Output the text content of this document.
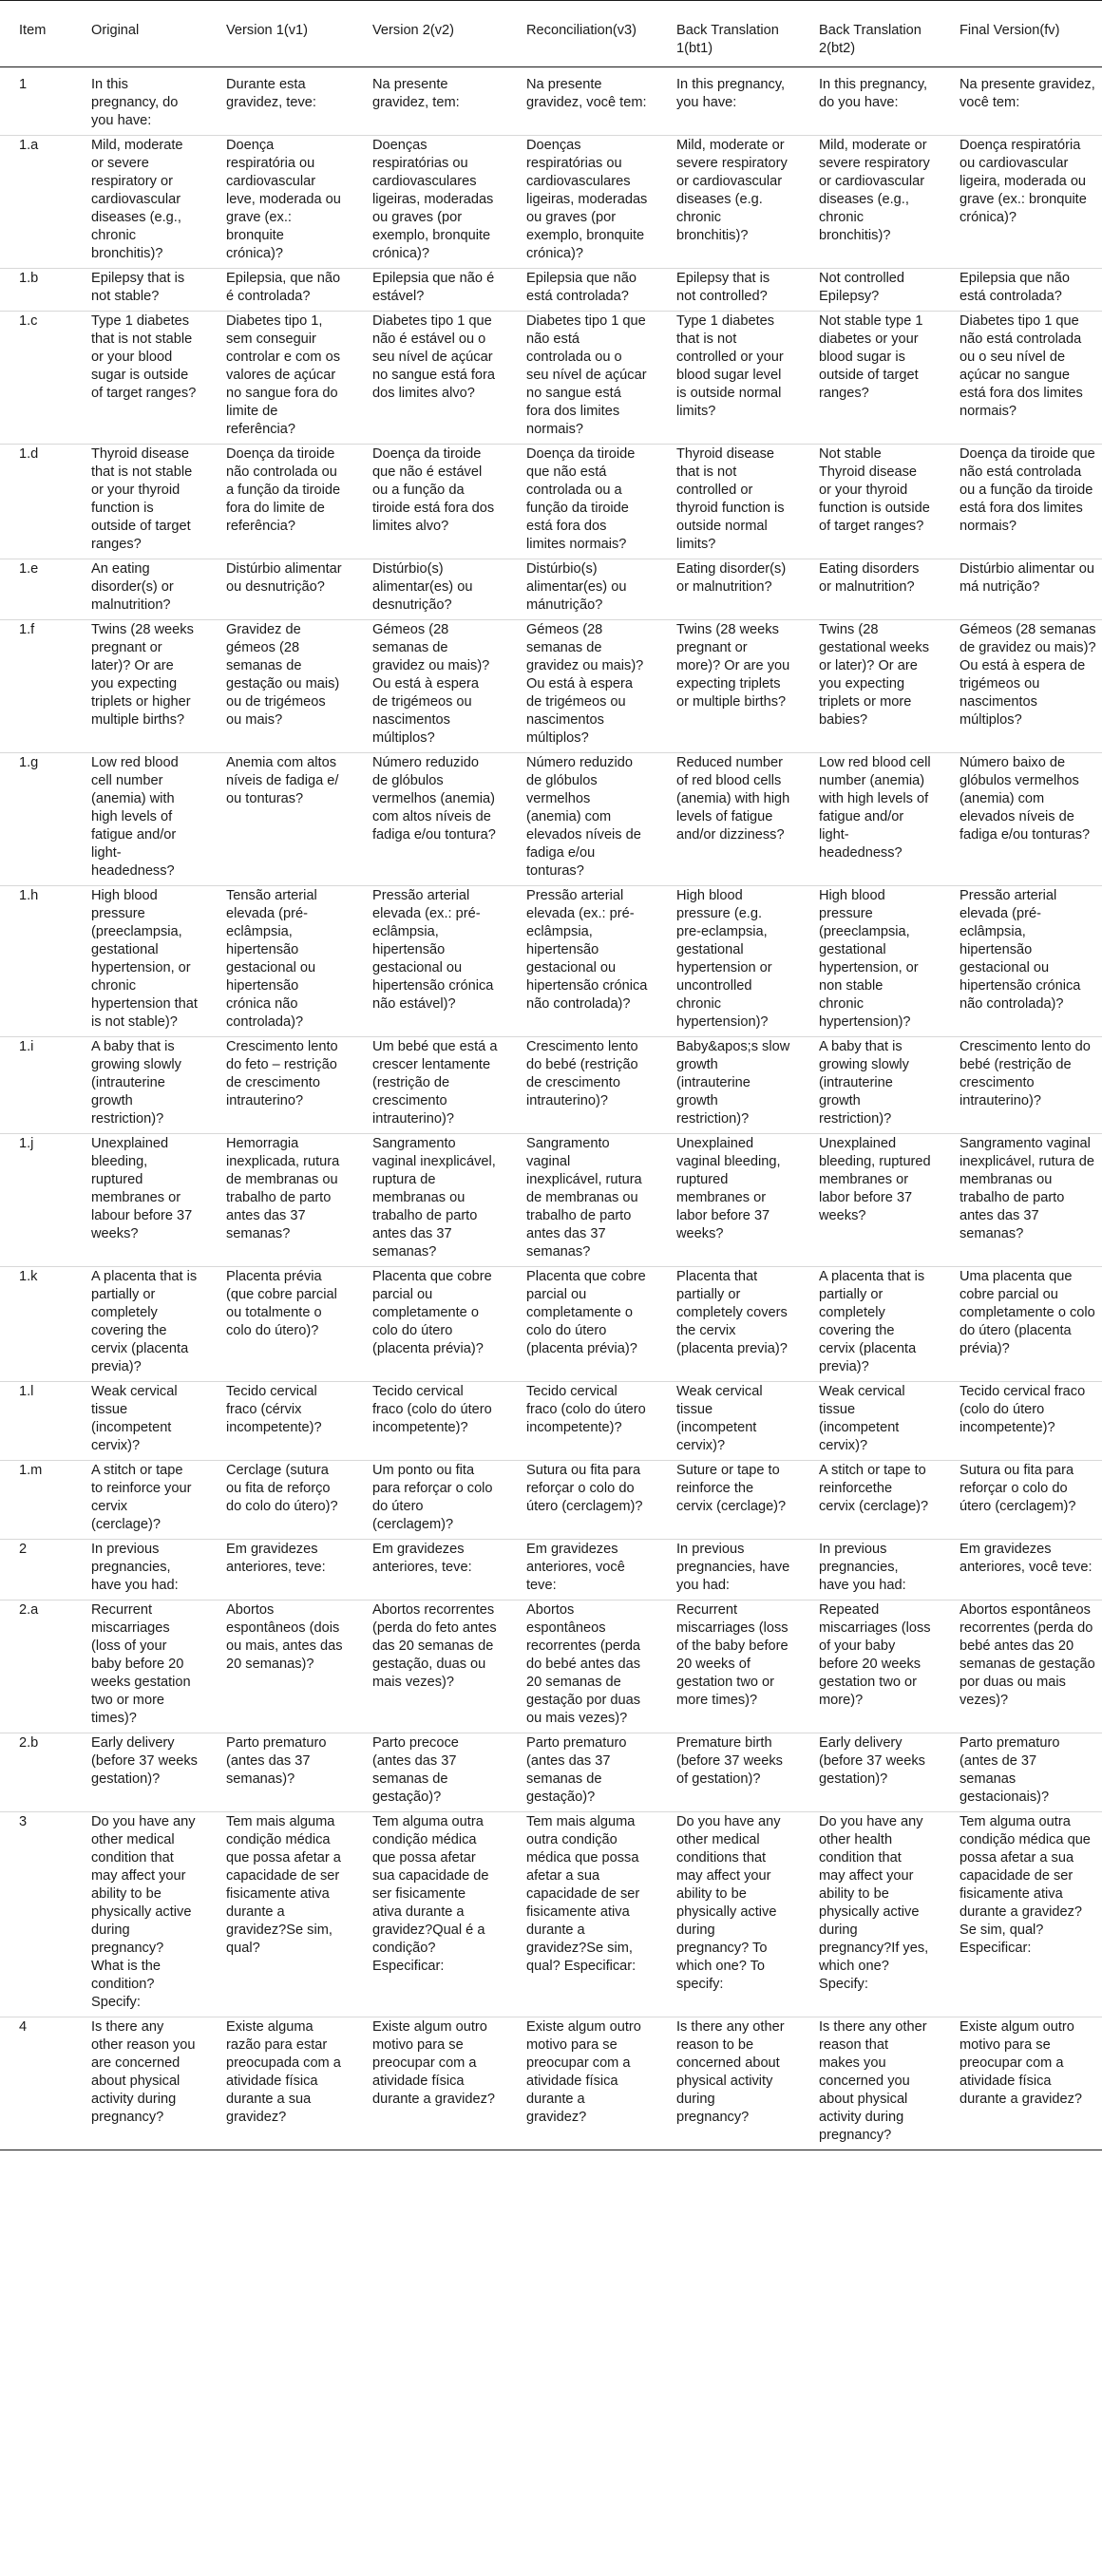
Item	Original	Version 1(v1)	Version 2(v2)	Reconciliation(v3)	Back Translation 1(bt1)	Back Translation 2(bt2)	Final Version(fv)
1	In this pregnancy, do you have:	Durante esta gravidez, teve:	Na presente gravidez, tem:	Na presente gravidez, você tem:	In this pregnancy, you have:	In this pregnancy, do you have:	Na presente gravidez, você tem:
1.a	Mild, moderate or severe respiratory or cardiovascular diseases (e.g., chronic bronchitis)?	Doença respiratória ou cardiovascular leve, moderada ou grave (ex.: bronquite crónica)?	Doenças respiratórias ou cardiovasculares ligeiras, moderadas ou graves (por exemplo, bronquite crónica)?	Doenças respiratórias ou cardiovasculares ligeiras, moderadas ou graves (por exemplo, bronquite crónica)?	Mild, moderate or severe respiratory or cardiovascular diseases (e.g. chronic bronchitis)?	Mild, moderate or severe respiratory or cardiovascular diseases (e.g., chronic bronchitis)?	Doença respiratória ou cardiovascular ligeira, moderada ou grave (ex.: bronquite crónica)?
1.b	Epilepsy that is not stable?	Epilepsia, que não é controlada?	Epilepsia que não é estável?	Epilepsia que não está controlada?	Epilepsy that is not controlled?	Not controlled Epilepsy?	Epilepsia que não está controlada?
1.c	Type 1 diabetes that is not stable or your blood sugar is outside of target ranges?	Diabetes tipo 1, sem conseguir controlar e com os valores de açúcar no sangue fora do limite de referência?	Diabetes tipo 1 que não é estável ou o seu nível de açúcar no sangue está fora dos limites alvo?	Diabetes tipo 1 que não está controlada ou o seu nível de açúcar no sangue está fora dos limites normais?	Type 1 diabetes that is not controlled or your blood sugar level is outside normal limits?	Not stable type 1 diabetes or your blood sugar is outside of target ranges?	Diabetes tipo 1 que não está controlada ou o seu nível de açúcar no sangue está fora dos limites normais?
1.d	Thyroid disease that is not stable or your thyroid function is outside of target ranges?	Doença da tiroide não controlada ou a função da tiroide fora do limite de referência?	Doença da tiroide que não é estável ou a função da tiroide está fora dos limites alvo?	Doença da tiroide que não está controlada ou a função da tiroide está fora dos limites normais?	Thyroid disease that is not controlled or thyroid function is outside normal limits?	Not stable Thyroid disease or your thyroid function is outside of target ranges?	Doença da tiroide que não está controlada ou a função da tiroide está fora dos limites normais?
1.e	An eating disorder(s) or malnutrition?	Distúrbio alimentar ou desnutrição?	Distúrbio(s) alimentar(es) ou desnutrição?	Distúrbio(s) alimentar(es) ou mánutrição?	Eating disorder(s) or malnutrition?	Eating disorders or malnutrition?	Distúrbio alimentar ou má nutrição?
1.f	Twins (28 weeks pregnant or later)? Or are you expecting triplets or higher multiple births?	Gravidez de gémeos (28 semanas de gestação ou mais) ou de trigémeos ou mais?	Gémeos (28 semanas de gravidez ou mais)? Ou está à espera de trigémeos ou nascimentos múltiplos?	Gémeos (28 semanas de gravidez ou mais)? Ou está à espera de trigémeos ou nascimentos múltiplos?	Twins (28 weeks pregnant or more)? Or are you expecting triplets or multiple births?	Twins (28 gestational weeks or later)? Or are you expecting triplets or more babies?	Gémeos (28 semanas de gravidez ou mais)? Ou está à espera de trigémeos ou nascimentos múltiplos?
1.g	Low red blood cell number (anemia) with high levels of fatigue and/or light-headedness?	Anemia com altos níveis de fadiga e/ ou tonturas?	Número reduzido de glóbulos vermelhos (anemia) com altos níveis de fadiga e/ou tontura?	Número reduzido de glóbulos vermelhos (anemia) com elevados níveis de fadiga e/ou tonturas?	Reduced number of red blood cells (anemia) with high levels of fatigue and/or dizziness?	Low red blood cell number (anemia) with high levels of fatigue and/or light-headedness?	Número baixo de glóbulos vermelhos (anemia) com elevados níveis de fadiga e/ou tonturas?
1.h	High blood pressure (preeclampsia, gestational hypertension, or chronic hypertension that is not stable)?	Tensão arterial elevada (pré-eclâmpsia, hipertensão gestacional ou hipertensão crónica não controlada)?	Pressão arterial elevada (ex.: pré-eclâmpsia, hipertensão gestacional ou hipertensão crónica não estável)?	Pressão arterial elevada (ex.: pré-eclâmpsia, hipertensão gestacional ou hipertensão crónica não controlada)?	High blood pressure (e.g. pre-eclampsia, gestational hypertension or uncontrolled chronic hypertension)?	High blood pressure (preeclampsia, gestational hypertension, or non stable chronic hypertension)?	Pressão arterial elevada (pré-eclâmpsia, hipertensão gestacional ou hipertensão crónica não controlada)?
1.i	A baby that is growing slowly (intrauterine growth restriction)?	Crescimento lento do feto – restrição de crescimento intrauterino?	Um bebé que está a crescer lentamente (restrição de crescimento intrauterino)?	Crescimento lento do bebé (restrição de crescimento intrauterino)?	Baby&apos;s slow growth (intrauterine growth restriction)?	A baby that is growing slowly (intrauterine growth restriction)?	Crescimento lento do bebé (restrição de crescimento intrauterino)?
1.j	Unexplained bleeding, ruptured membranes or labour before 37 weeks?	Hemorragia inexplicada, rutura de membranas ou trabalho de parto antes das 37 semanas?	Sangramento vaginal inexplicável, ruptura de membranas ou trabalho de parto antes das 37 semanas?	Sangramento vaginal inexplicável, rutura de membranas ou trabalho de parto antes das 37 semanas?	Unexplained vaginal bleeding, ruptured membranes or labor before 37 weeks?	Unexplained bleeding, ruptured membranes or labor before 37 weeks?	Sangramento vaginal inexplicável, rutura de membranas ou trabalho de parto antes das 37 semanas?
1.k	A placenta that is partially or completely covering the cervix (placenta previa)?	Placenta prévia (que cobre parcial ou totalmente o colo do útero)?	Placenta que cobre parcial ou completamente o colo do útero (placenta prévia)?	Placenta que cobre parcial ou completamente o colo do útero (placenta prévia)?	Placenta that partially or completely covers the cervix (placenta previa)?	A placenta that is partially or completely covering the cervix (placenta previa)?	Uma placenta que cobre parcial ou completamente o colo do útero (placenta prévia)?
1.l	Weak cervical tissue (incompetent cervix)?	Tecido cervical fraco (cérvix incompetente)?	Tecido cervical fraco (colo do útero incompetente)?	Tecido cervical fraco (colo do útero incompetente)?	Weak cervical tissue (incompetent cervix)?	Weak cervical tissue (incompetent cervix)?	Tecido cervical fraco (colo do útero incompetente)?
1.m	A stitch or tape to reinforce your cervix (cerclage)?	Cerclage (sutura ou fita de reforço do colo do útero)?	Um ponto ou fita para reforçar o colo do útero (cerclagem)?	Sutura ou fita para reforçar o colo do útero (cerclagem)?	Suture or tape to reinforce the cervix (cerclage)?	A stitch or tape to reinforcethe cervix (cerclage)?	Sutura ou fita para reforçar o colo do útero (cerclagem)?
2	In previous pregnancies, have you had:	Em gravidezes anteriores, teve:	Em gravidezes anteriores, teve:	Em gravidezes anteriores, você teve:	In previous pregnancies, have you had:	In previous pregnancies, have you had:	Em gravidezes anteriores, você teve:
2.a	Recurrent miscarriages (loss of your baby before 20 weeks gestation two or more times)?	Abortos espontâneos (dois ou mais, antes das 20 semanas)?	Abortos recorrentes (perda do feto antes das 20 semanas de gestação, duas ou mais vezes)?	Abortos espontâneos recorrentes (perda do bebé antes das 20 semanas de gestação por duas ou mais vezes)?	Recurrent miscarriages (loss of the baby before 20 weeks of gestation two or more times)?	Repeated miscarriages (loss of your baby before 20 weeks gestation two or more)?	Abortos espontâneos recorrentes (perda do bebé antes das 20 semanas de gestação por duas ou mais vezes)?
2.b	Early delivery (before 37 weeks gestation)?	Parto prematuro (antes das 37 semanas)?	Parto precoce (antes das 37 semanas de gestação)?	Parto prematuro (antes das 37 semanas de gestação)?	Premature birth (before 37 weeks of gestation)?	Early delivery (before 37 weeks gestation)?	Parto prematuro (antes de 37 semanas gestacionais)?
3	Do you have any other medical condition that may affect your ability to be physically active during pregnancy? What is the condition? Specify:	Tem mais alguma condição médica que possa afetar a capacidade de ser fisicamente ativa durante a gravidez?Se sim, qual?	Tem alguma outra condição médica que possa afetar sua capacidade de ser fisicamente ativa durante a gravidez?Qual é a condição? Especificar:	Tem mais alguma outra condição médica que possa afetar a sua capacidade de ser fisicamente ativa durante a gravidez?Se sim, qual? Especificar:	Do you have any other medical conditions that may affect your ability to be physically active during pregnancy? To which one? To specify:	Do you have any other health condition that may affect your ability to be physically active during pregnancy?If yes, which one? Specify:	Tem alguma outra condição médica que possa afetar a sua capacidade de ser fisicamente ativa durante a gravidez? Se sim, qual? Especificar:
4	Is there any other reason you are concerned about physical activity during pregnancy?	Existe alguma razão para estar preocupada com a atividade física durante a sua gravidez?	Existe algum outro motivo para se preocupar com a atividade física durante a gravidez?	Existe algum outro motivo para se preocupar com a atividade física durante a gravidez?	Is there any other reason to be concerned about physical activity during pregnancy?	Is there any other reason that makes you concerned you about physical activity during pregnancy?	Existe algum outro motivo para se preocupar com a atividade física durante a gravidez?
